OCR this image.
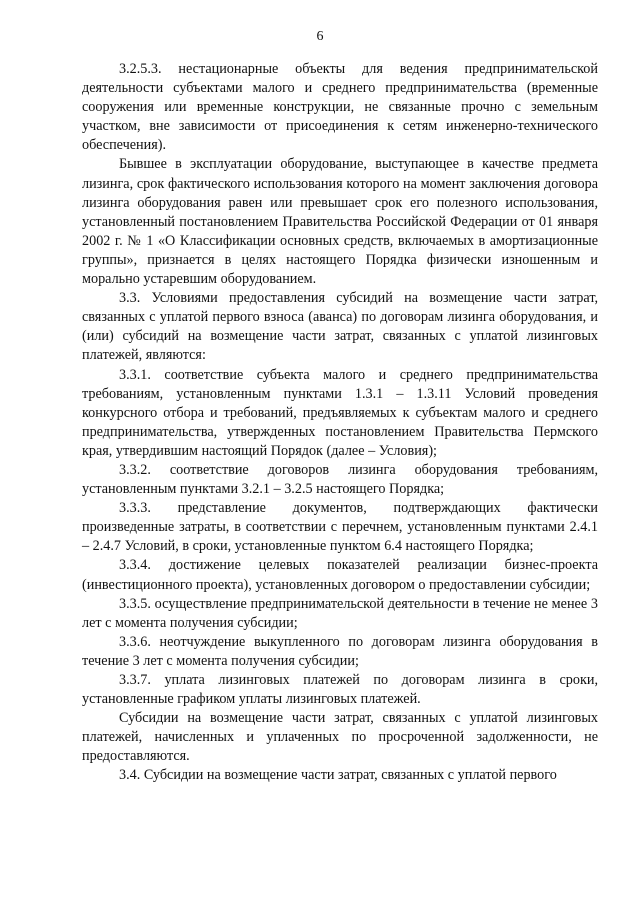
6

3.2.5.3. нестационарные объекты для ведения предпринимательской деятельности субъектами малого и среднего предпринимательства (временные сооружения или временные конструкции, не связанные прочно с земельным участком, вне зависимости от присоединения к сетям инженерно-технического обеспечения).

Бывшее в эксплуатации оборудование, выступающее в качестве предмета лизинга, срок фактического использования которого на момент заключения договора лизинга оборудования равен или превышает срок его полезного использования, установленный постановлением Правительства Российской Федерации от 01 января 2002 г. № 1 «О Классификации основных средств, включаемых в амортизационные группы», признается в целях настоящего Порядка физически изношенным и морально устаревшим оборудованием.

3.3. Условиями предоставления субсидий на возмещение части затрат, связанных с уплатой первого взноса (аванса) по договорам лизинга оборудования, и (или) субсидий на возмещение части затрат, связанных с уплатой лизинговых платежей, являются:

3.3.1. соответствие субъекта малого и среднего предпринимательства требованиям, установленным пунктами 1.3.1 – 1.3.11 Условий проведения конкурсного отбора и требований, предъявляемых к субъектам малого и среднего предпринимательства, утвержденных постановлением Правительства Пермского края, утвердившим настоящий Порядок (далее – Условия);

3.3.2. соответствие договоров лизинга оборудования требованиям, установленным пунктами 3.2.1 – 3.2.5 настоящего Порядка;

3.3.3. представление документов, подтверждающих фактически произведенные затраты, в соответствии с перечнем, установленным пунктами 2.4.1 – 2.4.7 Условий, в сроки, установленные пунктом 6.4 настоящего Порядка;

3.3.4. достижение целевых показателей реализации бизнес-проекта (инвестиционного проекта), установленных договором о предоставлении субсидии;

3.3.5. осуществление предпринимательской деятельности в течение не менее 3 лет с момента получения субсидии;

3.3.6. неотчуждение выкупленного по договорам лизинга оборудования в течение 3 лет с момента получения субсидии;

3.3.7. уплата лизинговых платежей по договорам лизинга в сроки, установленные графиком уплаты лизинговых платежей.

Субсидии на возмещение части затрат, связанных с уплатой лизинговых платежей, начисленных и уплаченных по просроченной задолженности, не предоставляются.

3.4. Субсидии на возмещение части затрат, связанных с уплатой первого
